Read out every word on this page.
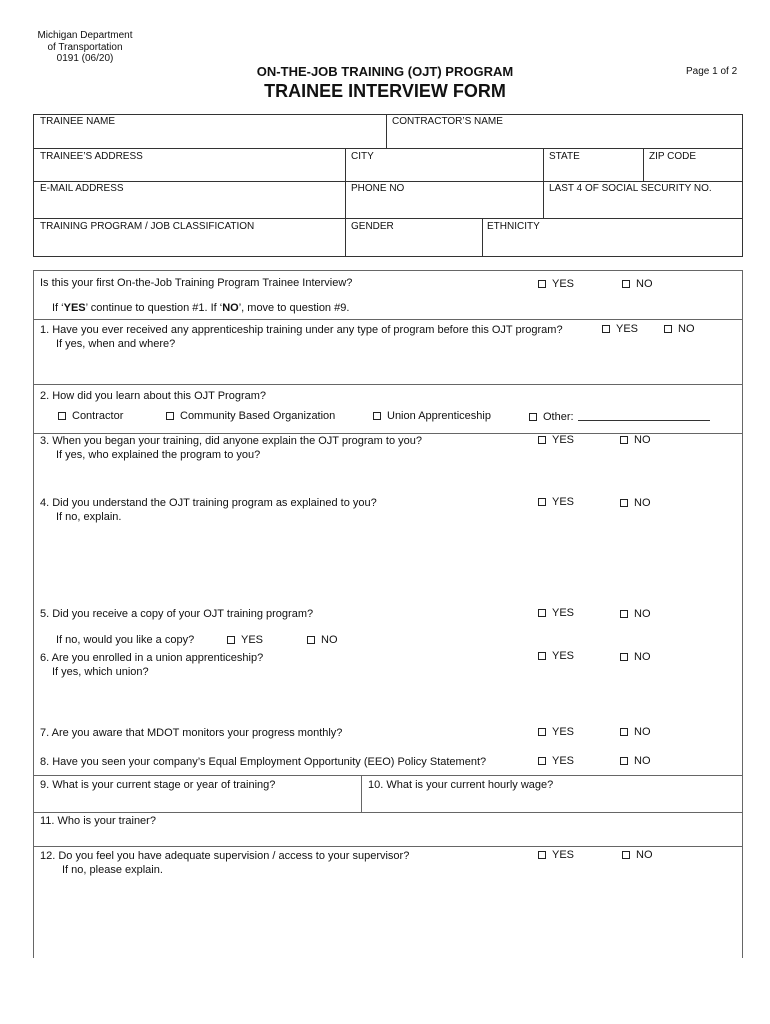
Michigan Department
of Transportation
0191 (06/20)
ON-THE-JOB TRAINING (OJT) PROGRAM
TRAINEE INTERVIEW FORM
Page 1 of 2
TRAINEE NAME	CONTRACTOR’S NAME
TRAINEE’S ADDRESS	CITY	STATE	ZIP CODE
E-MAIL ADDRESS	PHONE NO	LAST 4 OF SOCIAL SECURITY NO.
TRAINING PROGRAM / JOB CLASSIFICATION	GENDER	ETHNICITY
Is this your first On-the-Job Training Program Trainee Interview?	YES	NO
If ‘YES’ continue to question #1. If ‘NO’, move to question #9.
1. Have you ever received any apprenticeship training under any type of program before this OJT program?
If yes, when and where?
YES	NO
2. How did you learn about this OJT Program?
Contractor	Community Based Organization	Union Apprenticeship	Other:
3. When you began your training, did anyone explain the OJT program to you?
If yes, who explained the program to you?
YES	NO
4. Did you understand the OJT training program as explained to you?
If no, explain.
YES	NO
5. Did you receive a copy of your OJT training program?	YES	NO
If no, would you like a copy?	YES	NO
6. Are you enrolled in a union apprenticeship?
If yes, which union?
YES	NO
7. Are you aware that MDOT monitors your progress monthly?	YES	NO
8. Have you seen your company’s Equal Employment Opportunity (EEO) Policy Statement?	YES	NO
9. What is your current stage or year of training?	10. What is your current hourly wage?
11. Who is your trainer?
12. Do you feel you have adequate supervision / access to your supervisor?
If no, please explain.
YES	NO
